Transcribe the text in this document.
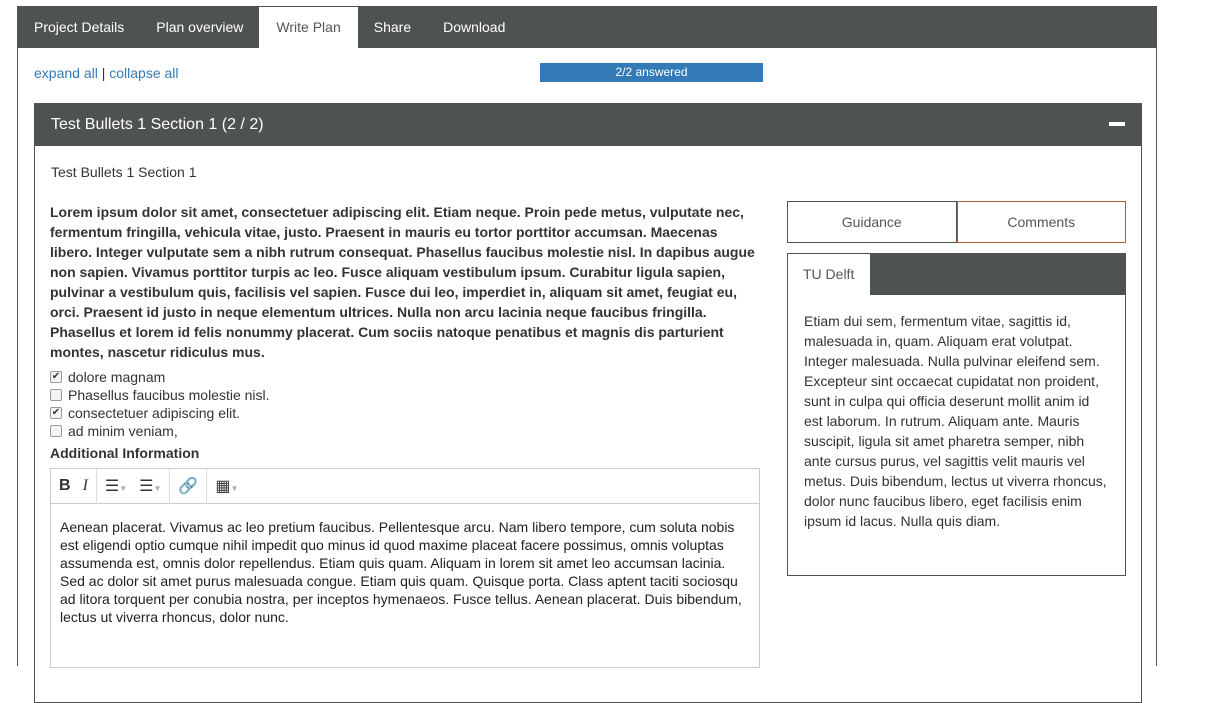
Project Details	Plan overview	Write Plan	Share	Download
expand all | collapse all	2/2 answered
Test Bullets 1 Section 1 (2 / 2)
Test Bullets 1 Section 1
Lorem ipsum dolor sit amet, consectetuer adipiscing elit. Etiam neque. Proin pede metus, vulputate nec, fermentum fringilla, vehicula vitae, justo. Praesent in mauris eu tortor porttitor accumsan. Maecenas libero. Integer vulputate sem a nibh rutrum consequat. Phasellus faucibus molestie nisl. In dapibus augue non sapien. Vivamus porttitor turpis ac leo. Fusce aliquam vestibulum ipsum. Curabitur ligula sapien, pulvinar a vestibulum quis, facilisis vel sapien. Fusce dui leo, imperdiet in, aliquam sit amet, feugiat eu, orci. Praesent id justo in neque elementum ultrices. Nulla non arcu lacinia neque faucibus fringilla. Phasellus et lorem id felis nonummy placerat. Cum sociis natoque penatibus et magnis dis parturient montes, nascetur ridiculus mus.
✔ dolore magnam
Phasellus faucibus molestie nisl.
✔ consectetuer adipiscing elit.
ad minim veniam,
Additional Information
B I ☰▼ ☰▼ 🔗 ▦▼
Aenean placerat. Vivamus ac leo pretium faucibus. Pellentesque arcu. Nam libero tempore, cum soluta nobis est eligendi optio cumque nihil impedit quo minus id quod maxime placeat facere possimus, omnis voluptas assumenda est, omnis dolor repellendus. Etiam quis quam. Aliquam in lorem sit amet leo accumsan lacinia. Sed ac dolor sit amet purus malesuada congue. Etiam quis quam. Quisque porta. Class aptent taciti sociosqu ad litora torquent per conubia nostra, per inceptos hymenaeos. Fusce tellus. Aenean placerat. Duis bibendum, lectus ut viverra rhoncus, dolor nunc.
Guidance	Comments
TU Delft
Etiam dui sem, fermentum vitae, sagittis id, malesuada in, quam. Aliquam erat volutpat. Integer malesuada. Nulla pulvinar eleifend sem. Excepteur sint occaecat cupidatat non proident, sunt in culpa qui officia deserunt mollit anim id est laborum. In rutrum. Aliquam ante. Mauris suscipit, ligula sit amet pharetra semper, nibh ante cursus purus, vel sagittis velit mauris vel metus. Duis bibendum, lectus ut viverra rhoncus, dolor nunc faucibus libero, eget facilisis enim ipsum id lacus. Nulla quis diam.
